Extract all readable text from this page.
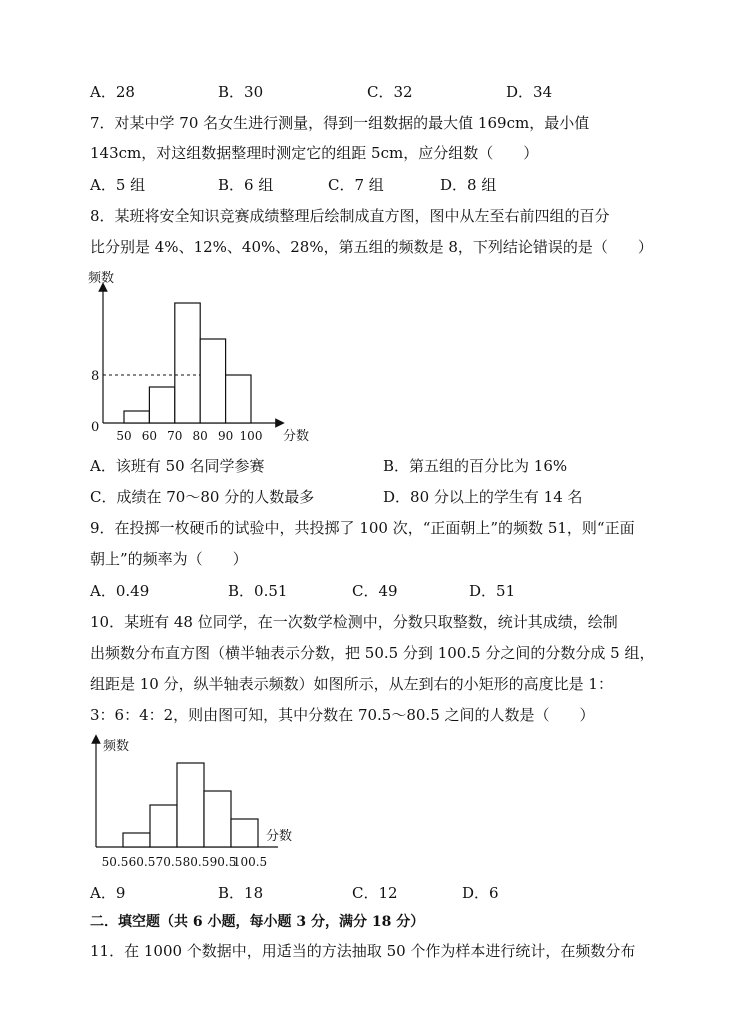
A．28	B．30	C．32	D．34
7．对某中学 70 名女生进行测量，得到一组数据的最大值 169cm，最小值
143cm，对这组数据整理时测定它的组距 5cm，应分组数（　　）
A．5 组	B．6 组	C．7 组	D．8 组
8．某班将安全知识竞赛成绩整理后绘制成直方图，图中从左至右前四组的百分
比分别是 4%、12%、40%、28%，第五组的频数是 8，下列结论错误的是（　　）
频数
分数
0
50 60 70 80 90 100
8
A．该班有 50 名同学参赛	B．第五组的百分比为 16%
C．成绩在 70～80 分的人数最多	D．80 分以上的学生有 14 名
9．在投掷一枚硬币的试验中，共投掷了 100 次，“正面朝上”的频数 51，则“正面
朝上”的频率为（　　）
A．0.49	B．0.51	C．49	D．51
10．某班有 48 位同学，在一次数学检测中，分数只取整数，统计其成绩，绘制
出频数分布直方图（横半轴表示分数，把 50.5 分到 100.5 分之间的分数分成 5 组，
组距是 10 分，纵半轴表示频数）如图所示，从左到右的小矩形的高度比是 1：
3：6：4：2，则由图可知，其中分数在 70.5～80.5 之间的人数是（　　）
频数
分数
50.5 60.5 70.5 80.5 90.5
100.5
A．9	B．18	C．12	D．6
二．填空题（共 6 小题，每小题 3 分，满分 18 分）
11．在 1000 个数据中，用适当的方法抽取 50 个作为样本进行统计，在频数分布
